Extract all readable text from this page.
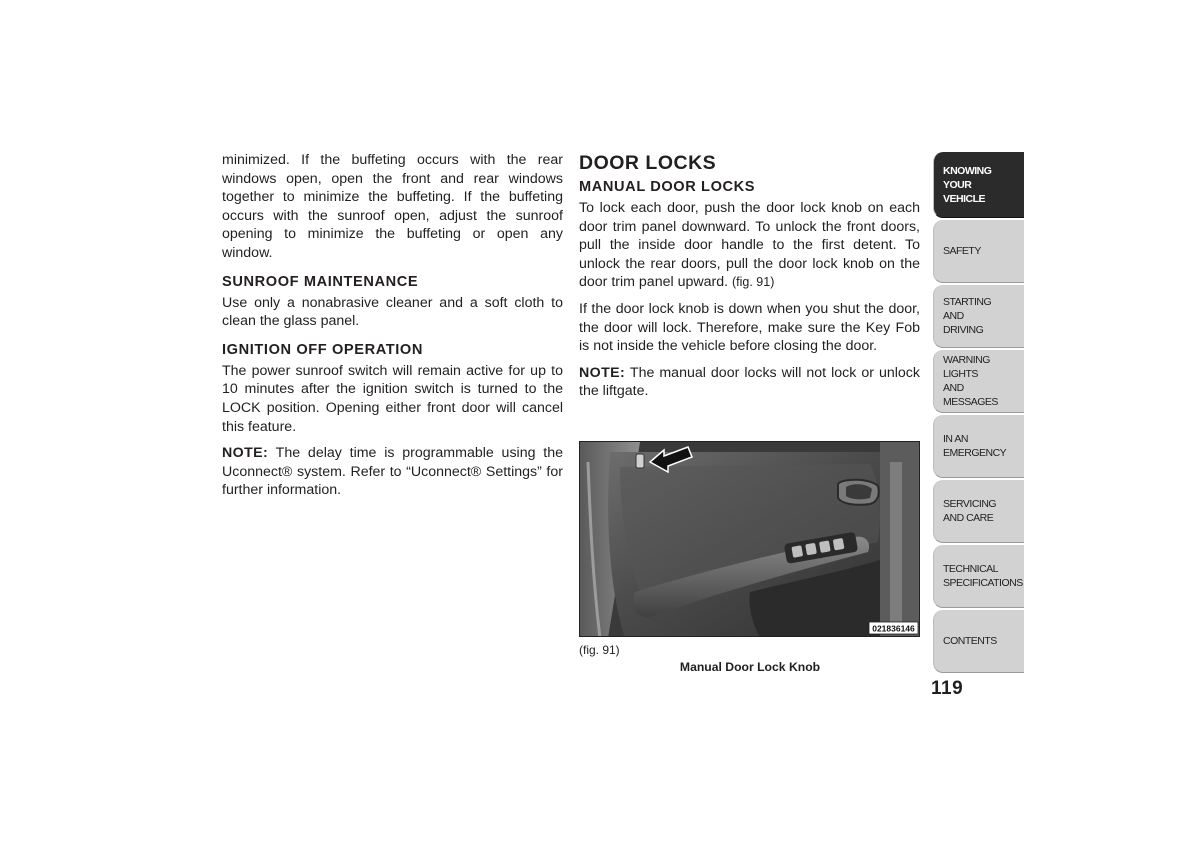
minimized. If the buffeting occurs with the rear windows open, open the front and rear windows together to minimize the buffeting. If the buffeting occurs with the sunroof open, adjust the sunroof opening to minimize the buffeting or open any window.

SUNROOF MAINTENANCE

Use only a nonabrasive cleaner and a soft cloth to clean the glass panel.

IGNITION OFF OPERATION

The power sunroof switch will remain active for up to 10 minutes after the ignition switch is turned to the LOCK position. Opening either front door will cancel this feature.

NOTE: The delay time is programmable using the Uconnect® system. Refer to “Uconnect® Settings” for further information.

DOOR LOCKS
MANUAL DOOR LOCKS

To lock each door, push the door lock knob on each door trim panel downward. To unlock the front doors, pull the inside door handle to the first detent. To unlock the rear doors, pull the door lock knob on the door trim panel upward. (fig. 91)

If the door lock knob is down when you shut the door, the door will lock. Therefore, make sure the Key Fob is not inside the vehicle before closing the door.

NOTE: The manual door locks will not lock or unlock the liftgate.

021836146
(fig. 91)
Manual Door Lock Knob
KNOWING
YOUR
VEHICLE
SAFETY
STARTING
AND
DRIVING
WARNING
LIGHTS
AND
MESSAGES
IN AN
EMERGENCY
SERVICING
AND CARE
TECHNICAL
SPECIFICATIONS
CONTENTS
119
